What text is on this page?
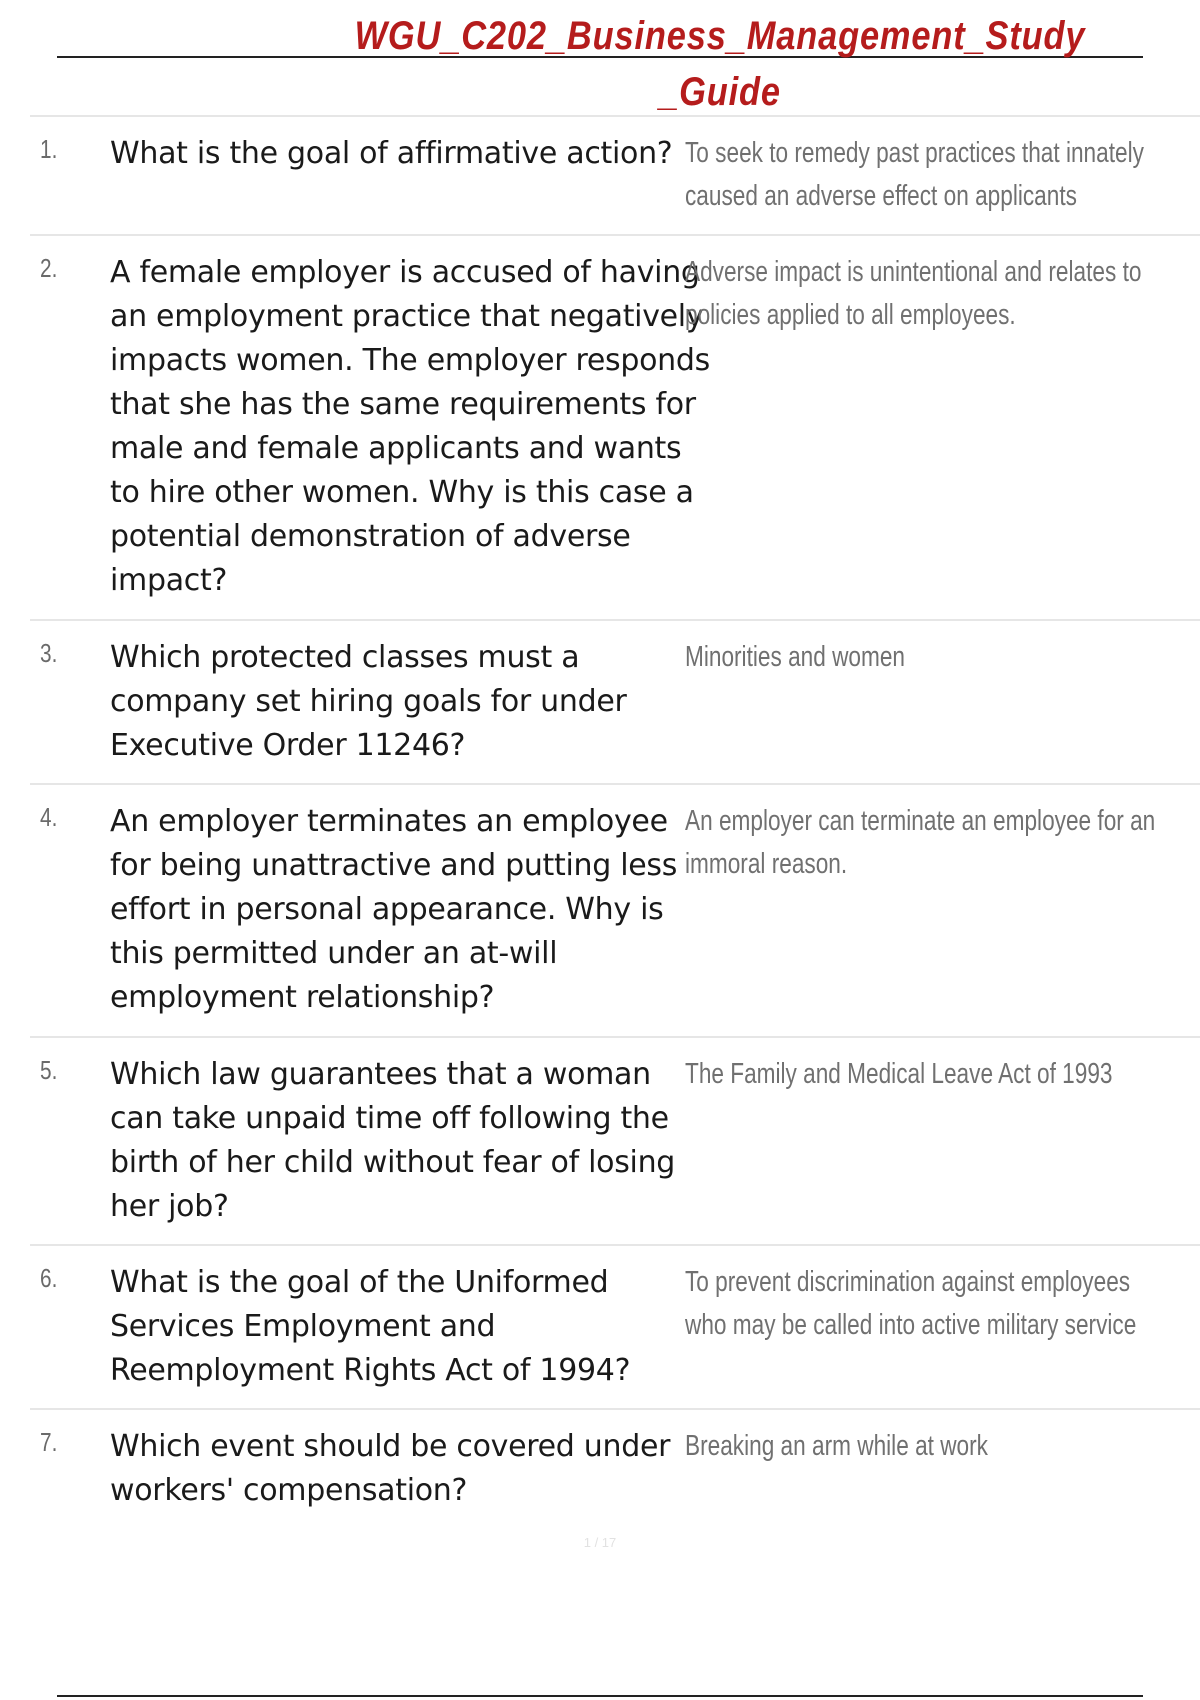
WGU_C202_Business_Management_Study_Guide
1. What is the goal of affirmative action? To seek to remedy past practices that innately caused an adverse effect on applicants
2. A female employer is accused of having an employment practice that negatively impacts women. The employer responds that she has the same requirements for male and female applicants and wants to hire other women. Why is this case a potential demonstration of adverse impact?
Adverse impact is unintentional and relates to policies applied to all employees.
3. Which protected classes must a company set hiring goals for under Executive Order 11246?
Minorities and women
4. An employer terminates an employee for being unattractive and putting less effort in personal appearance. Why is this permitted under an at-will employment relationship?
An employer can terminate an employee for an immoral reason.
5. Which law guarantees that a woman can take unpaid time off following the birth of her child without fear of losing her job?
The Family and Medical Leave Act of 1993
6. What is the goal of the Uniformed Services Employment and Reemployment Rights Act of 1994?
To prevent discrimination against employees who may be called into active military service
7. Which event should be covered under workers' compensation?
Breaking an arm while at work
1 / 17
